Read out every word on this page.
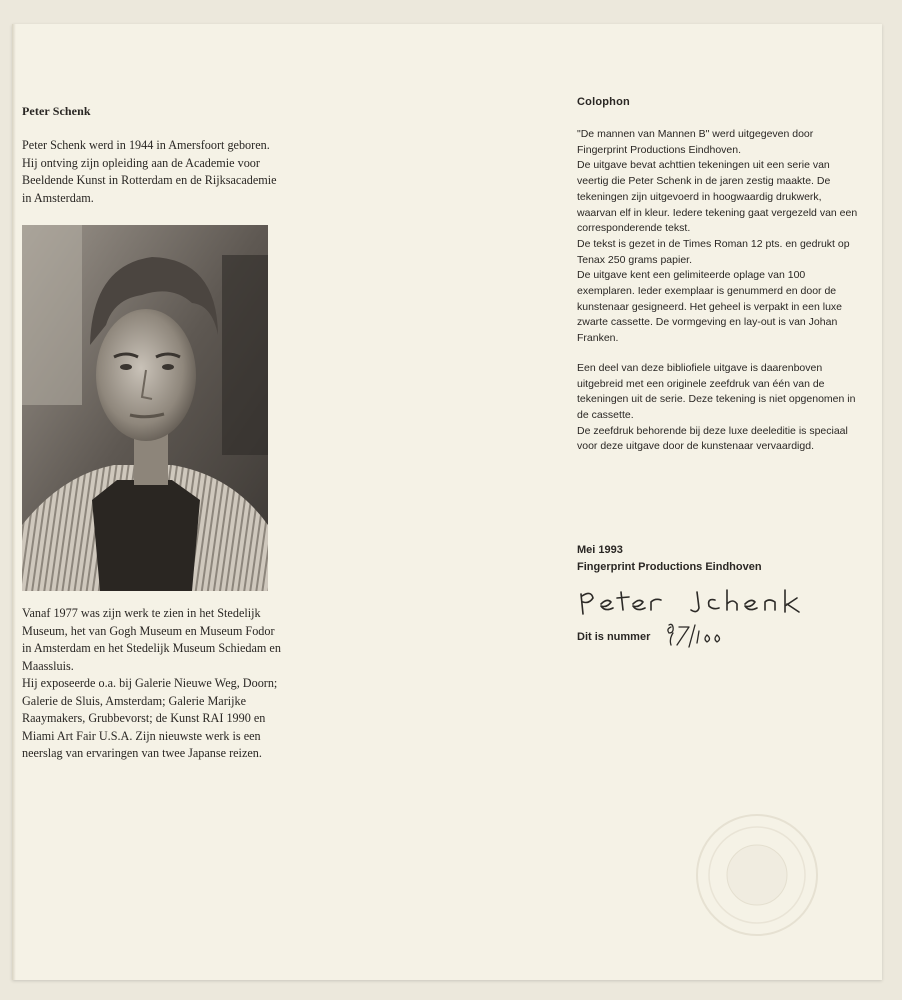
Peter Schenk

Peter Schenk werd in 1944 in Amersfoort geboren. Hij ontving zijn opleiding aan de Academie voor Beeldende Kunst in Rotterdam en de Rijksacademie in Amsterdam.

Vanaf 1977 was zijn werk te zien in het Stedelijk Museum, het van Gogh Museum en Museum Fodor in Amsterdam en het Stedelijk Museum Schiedam en Maassluis.

Hij exposeerde o.a. bij Galerie Nieuwe Weg, Doorn; Galerie de Sluis, Amsterdam; Galerie Marijke Raaymakers, Grubbevorst; de Kunst RAI 1990 en Miami Art Fair U.S.A. Zijn nieuwste werk is een neerslag van ervaringen van twee Japanse reizen.

Colophon

"De mannen van Mannen B" werd uitgegeven door Fingerprint Productions Eindhoven.

De uitgave bevat achttien tekeningen uit een serie van veertig die Peter Schenk in de jaren zestig maakte. De tekeningen zijn uitgevoerd in hoogwaardig drukwerk, waarvan elf in kleur. Iedere tekening gaat vergezeld van een corresponderende tekst.

De tekst is gezet in de Times Roman 12 pts. en gedrukt op Tenax 250 grams papier.

De uitgave kent een gelimiteerde oplage van 100 exemplaren. Ieder exemplaar is genummerd en door de kunstenaar gesigneerd. Het geheel is verpakt in een luxe zwarte cassette. De vormgeving en lay-out is van Johan Franken.

Een deel van deze bibliofiele uitgave is daarenboven uitgebreid met een originele zeefdruk van één van de tekeningen uit de serie. Deze tekening is niet opgenomen in de cassette.

De zeefdruk behorende bij deze luxe deeleditie is speciaal voor deze uitgave door de kunstenaar vervaardigd.

Mei 1993

Fingerprint Productions Eindhoven

Dit is nummer
